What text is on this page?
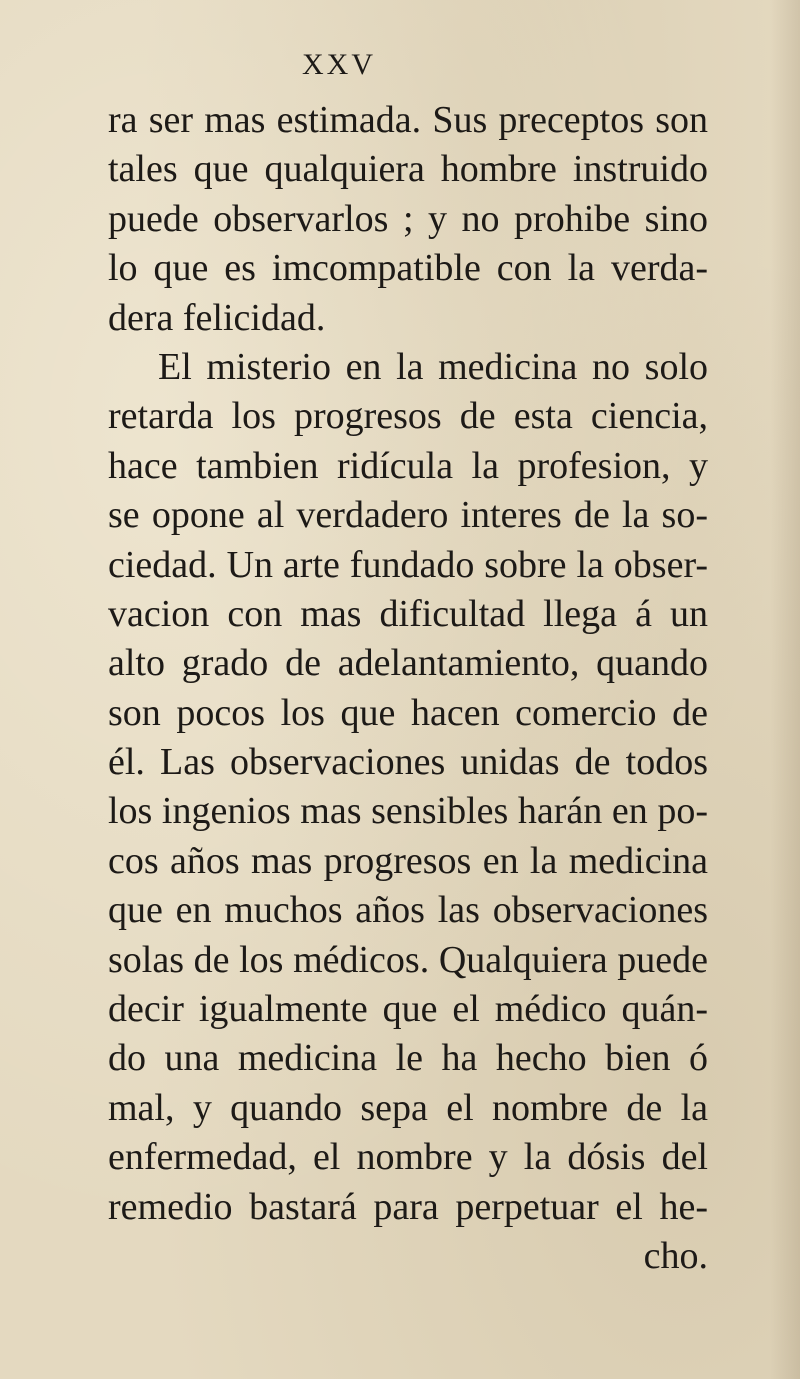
XXV
ra ser mas estimada. Sus preceptos son
tales que qualquiera hombre instruido
puede observarlos ; y no prohibe sino
lo que es imcompatible con la verda-
dera felicidad.
El misterio en la medicina no solo
retarda los progresos de esta ciencia,
hace tambien ridícula la profesion, y
se opone al verdadero interes de la so-
ciedad. Un arte fundado sobre la obser-
vacion con mas dificultad llega á un
alto grado de adelantamiento, quando
son pocos los que hacen comercio de
él. Las observaciones unidas de todos
los ingenios mas sensibles harán en po-
cos años mas progresos en la medicina
que en muchos años las observaciones
solas de los médicos. Qualquiera puede
decir igualmente que el médico quán-
do una medicina le ha hecho bien ó
mal, y quando sepa el nombre de la
enfermedad, el nombre y la dósis del
remedio bastará para perpetuar el he-
cho.
